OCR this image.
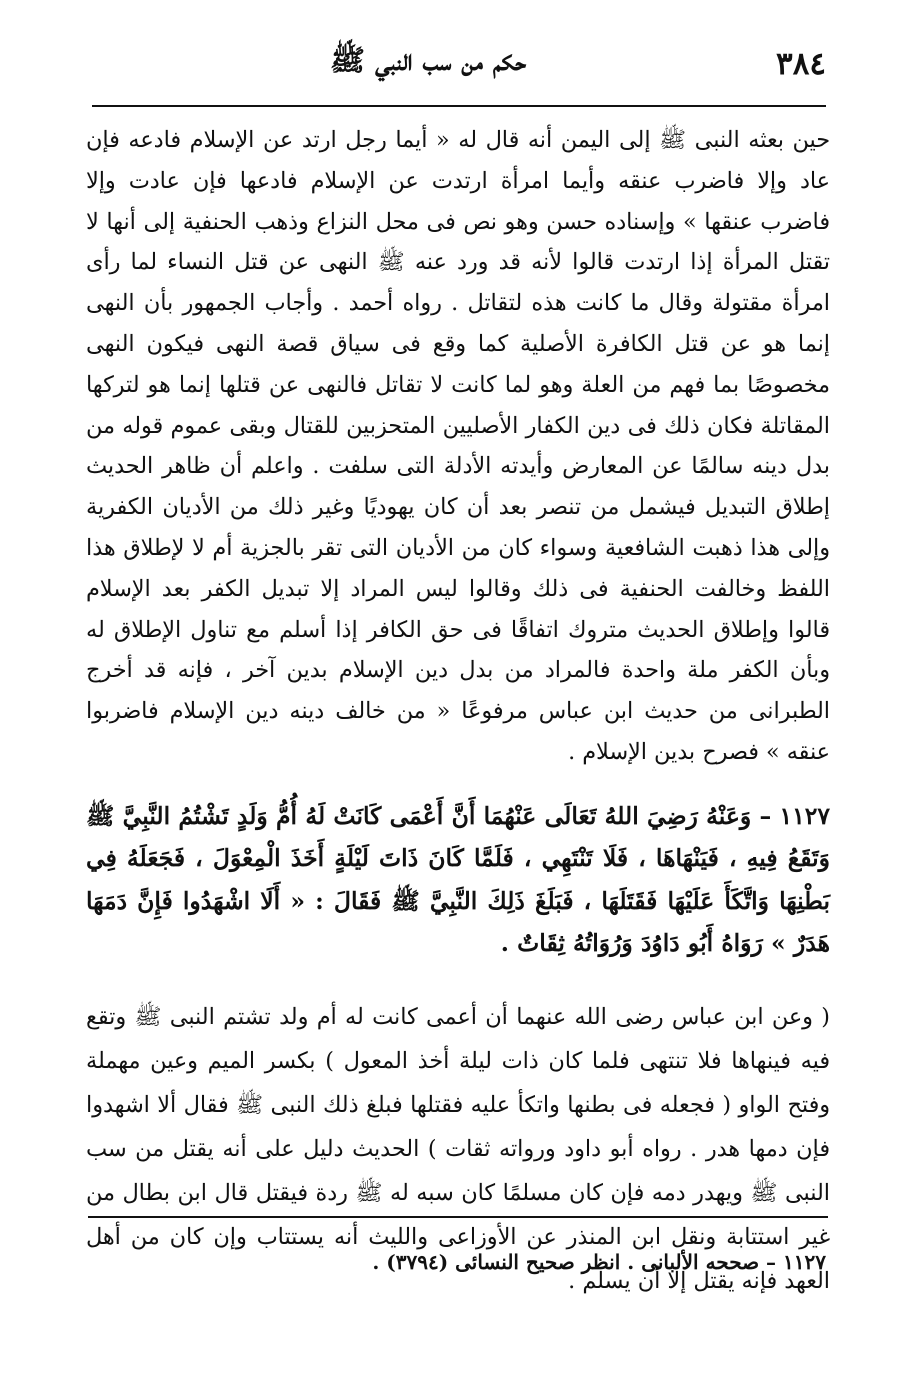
٣٨٤
حكم من سب النبي ﷺ

حين بعثه النبى ﷺ إلى اليمن أنه قال له « أيما رجل ارتد عن الإسلام فادعه فإن عاد وإلا فاضرب عنقه وأيما امرأة ارتدت عن الإسلام فادعها فإن عادت وإلا فاضرب عنقها » وإسناده حسن وهو نص فى محل النزاع وذهب الحنفية إلى أنها لا تقتل المرأة إذا ارتدت قالوا لأنه قد ورد عنه ﷺ النهى عن قتل النساء لما رأى امرأة مقتولة وقال ما كانت هذه لتقاتل . رواه أحمد . وأجاب الجمهور بأن النهى إنما هو عن قتل الكافرة الأصلية كما وقع فى سياق قصة النهى فيكون النهى مخصوصًا بما فهم من العلة وهو لما كانت لا تقاتل فالنهى عن قتلها إنما هو لتركها المقاتلة فكان ذلك فى دين الكفار الأصليين المتحزبين للقتال وبقى عموم قوله من بدل دينه سالمًا عن المعارض وأيدته الأدلة التى سلفت . واعلم أن ظاهر الحديث إطلاق التبديل فيشمل من تنصر بعد أن كان يهوديًا وغير ذلك من الأديان الكفرية وإلى هذا ذهبت الشافعية وسواء كان من الأديان التى تقر بالجزية أم لا لإطلاق هذا اللفظ وخالفت الحنفية فى ذلك وقالوا ليس المراد إلا تبديل الكفر بعد الإسلام قالوا وإطلاق الحديث متروك اتفاقًا فى حق الكافر إذا أسلم مع تناول الإطلاق له وبأن الكفر ملة واحدة فالمراد من بدل دين الإسلام بدين آخر ، فإنه قد أخرج الطبرانى من حديث ابن عباس مرفوعًا « من خالف دينه دين الإسلام فاضربوا عنقه » فصرح بدين الإسلام .

١١٢٧ – وَعَنْهُ رَضِيَ اللهُ تَعَالَى عَنْهُمَا أَنَّ أَعْمَى كَانَتْ لَهُ أُمُّ وَلَدٍ تَشْتُمُ النَّبِيَّ ﷺ وَتَقَعُ فِيهِ ، فَيَنْهَاهَا ، فَلَا تَنْتَهِي ، فَلَمَّا كَانَ ذَاتَ لَيْلَةٍ أَخَذَ الْمِعْوَلَ ، فَجَعَلَهُ فِي بَطْنِهَا وَاتَّكَأَ عَلَيْهَا فَقَتَلَهَا ، فَبَلَغَ ذَلِكَ النَّبِيَّ ﷺ فَقَالَ : « أَلَا اشْهَدُوا فَإِنَّ دَمَهَا هَدَرٌ » رَوَاهُ أَبُو دَاوُدَ وَرُوَاتُهُ ثِقَاتٌ .

( وعن ابن عباس رضى الله عنهما أن أعمى كانت له أم ولد تشتم النبى ﷺ وتقع فيه فينهاها فلا تنتهى فلما كان ذات ليلة أخذ المعول ) بكسر الميم وعين مهملة وفتح الواو ( فجعله فى بطنها واتكأ عليه فقتلها فبلغ ذلك النبى ﷺ فقال ألا اشهدوا فإن دمها هدر . رواه أبو داود ورواته ثقات ) الحديث دليل على أنه يقتل من سب النبى ﷺ ويهدر دمه فإن كان مسلمًا كان سبه له ﷺ ردة فيقتل قال ابن بطال من غير استتابة ونقل ابن المنذر عن الأوزاعى والليث أنه يستتاب وإن كان من أهل العهد فإنه يقتل إلا أن يسلم .

١١٢٧ – صححه الألبانى . انظر صحيح النسائى (٣٧٩٤) .
